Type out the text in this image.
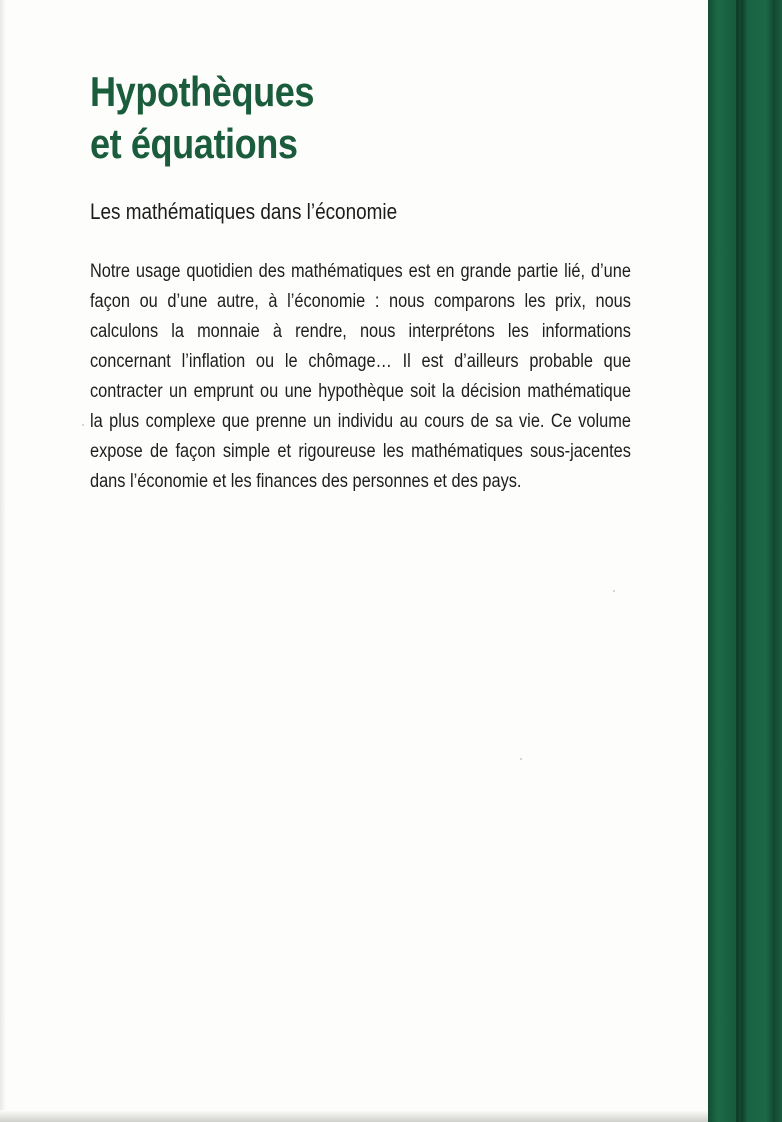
Hypothèques
et équations

Les mathématiques dans l’économie

Notre usage quotidien des mathématiques est en grande partie lié, d’une façon ou d’une autre, à l’économie : nous comparons les prix, nous calculons la monnaie à rendre, nous interprétons les informations concernant l’inflation ou le chômage… Il est d’ailleurs probable que contracter un emprunt ou une hypothèque soit la décision mathématique la plus complexe que prenne un individu au cours de sa vie. Ce volume expose de façon simple et rigoureuse les mathématiques sous-jacentes dans l’économie et les finances des personnes et des pays.
